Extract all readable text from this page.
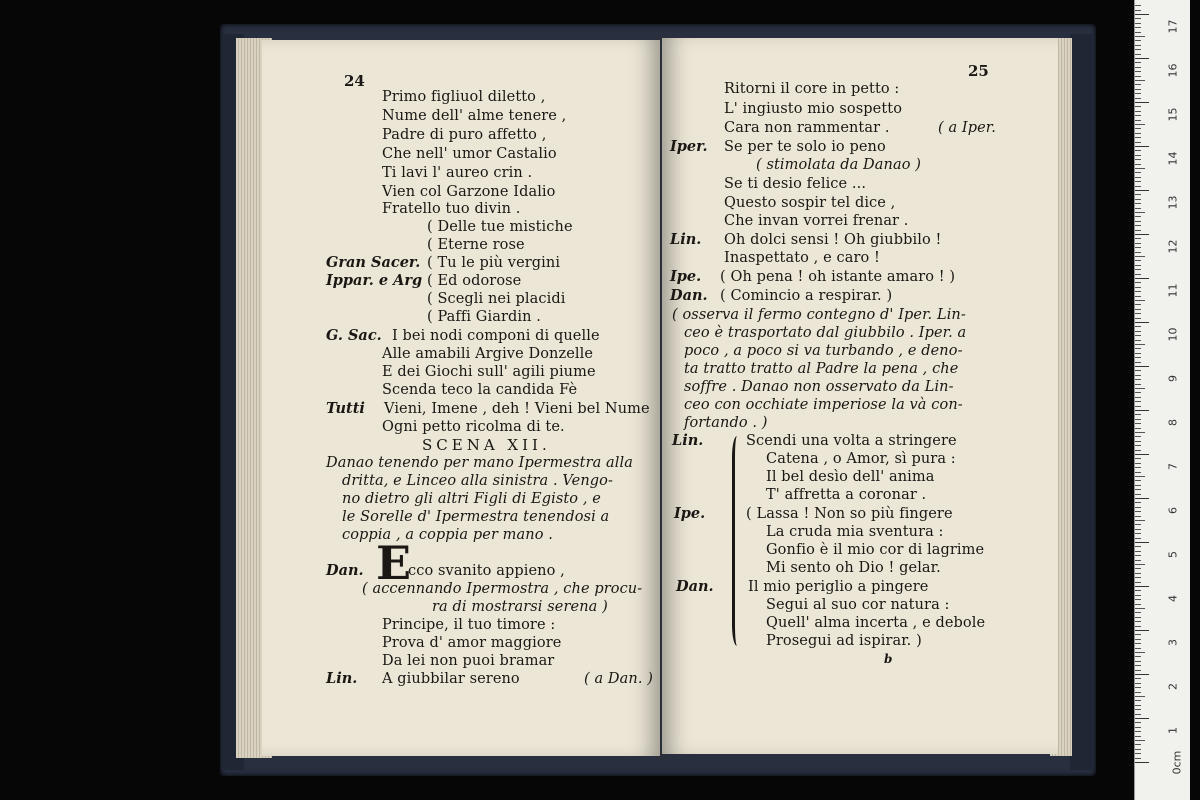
24
Primo figliuol diletto ,
Nume dell' alme tenere ,
Padre di puro affetto ,
Che nell' umor Castalio
Ti lavi l' aureo crin .
Vien col Garzone Idalio
Fratello tuo divin .
( Delle tue mistiche
( Eterne rose
Gran Sacer. ( Tu le più vergini
Ippar. e Arg ( Ed odorose
( Scegli nei placidi
( Paffi Giardin .
G. Sac. I bei nodi componi di quelle
Alle amabili Argive Donzelle
E dei Giochi sull' agili piume
Scenda teco la candida Fè
Tutti Vieni, Imene , deh ! Vieni bel Nume
Ogni petto ricolma di te.
SCENA XII.
Danao tenendo per mano Ipermestra alla
dritta, e Linceo alla sinistra . Vengo-
no dietro gli altri Figli di Egisto , e
le Sorelle d' Ipermestra tenendosi a
coppia , a coppia per mano .
Dan. E
cco svanito appieno ,
( accennando Ipermostra , che procu-
ra di mostrarsi serena )
Principe, il tuo timore :
Prova d' amor maggiore
Da lei non puoi bramar
Lin. A giubbilar sereno	( a Dan. )
25
Ritorni il core in petto :
L' ingiusto mio sospetto
Cara non rammentar .	( a Iper.
Iper. Se per te solo io peno
( stimolata da Danao )
Se ti desio felice ...
Questo sospir tel dice ,
Che invan vorrei frenar .
Lin. Oh dolci sensi ! Oh giubbilo !
Inaspettato , e caro !
Ipe. ( Oh pena ! oh istante amaro ! )
Dan. ( Comincio a respirar. )
( osserva il fermo contegno d' Iper. Lin-
ceo è trasportato dal giubbilo . Iper. a
poco , a poco si va turbando , e deno-
ta tratto tratto al Padre la pena , che
soffre . Danao non osservato da Lin-
ceo con occhiate imperiose la và con-
fortando . )
Lin.	Scendi una volta a stringere
Catena , o Amor, sì pura :
Il bel desìo dell' anima
T' affretta a coronar .
Ipe.	( Lassa ! Non so più fingere
La cruda mia sventura :
Gonfio è il mio cor di lagrime
Mi sento oh Dio ! gelar.
Dan. Il mio periglio a pingere
Segui al suo cor natura :
Quell' alma incerta , e debole
Prosegui ad ispirar. )
b
0cm
1
2
3
4
5
6
7
8
9
10
11
12
13
14
15
16
17
